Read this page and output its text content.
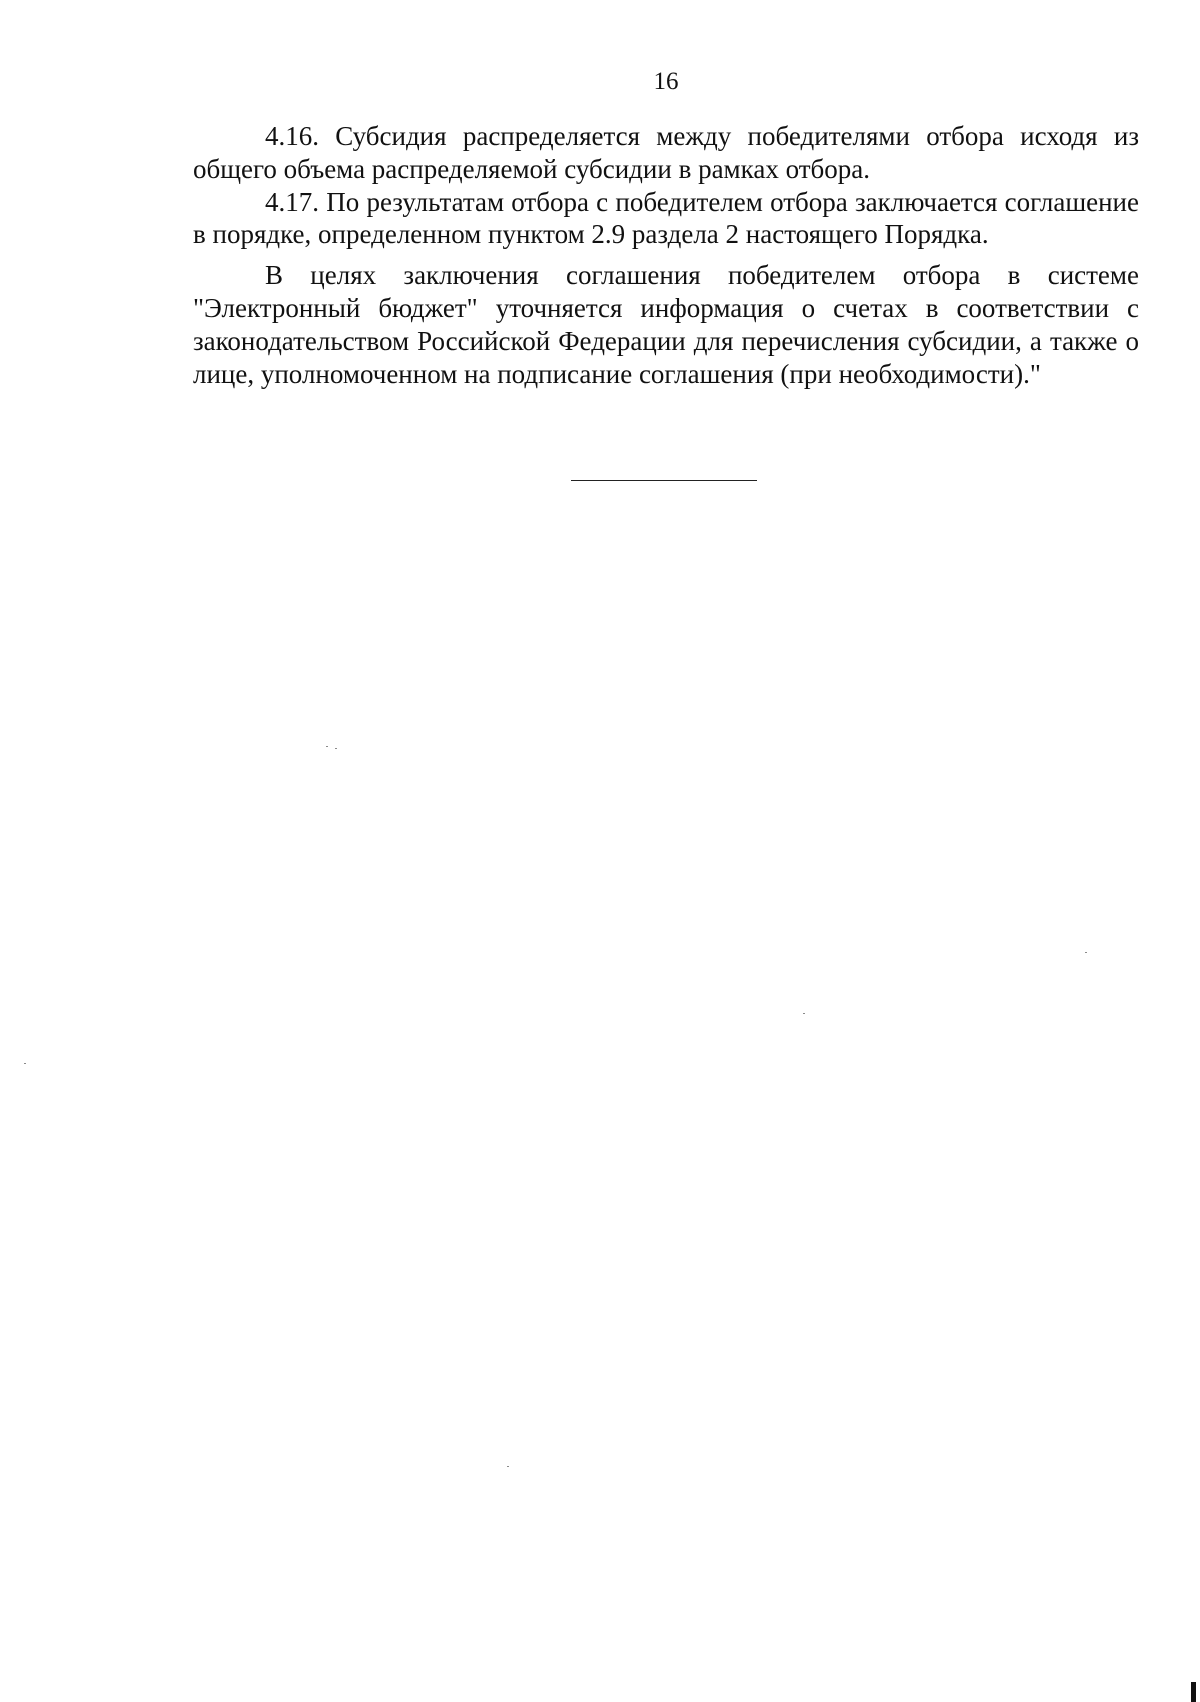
16

4.16. Субсидия распределяется между победителями отбора исходя из общего объема распределяемой субсидии в рамках отбора.

4.17. По результатам отбора с победителем отбора заключается соглашение в порядке, определенном пунктом 2.9 раздела 2 настоящего Порядка.

В целях заключения соглашения победителем отбора в системе "Электронный бюджет" уточняется информация о счетах в соответствии с законодательством Российской Федерации для перечисления субсидии, а также о лице, уполномоченном на подписание соглашения (при необходимости)."
